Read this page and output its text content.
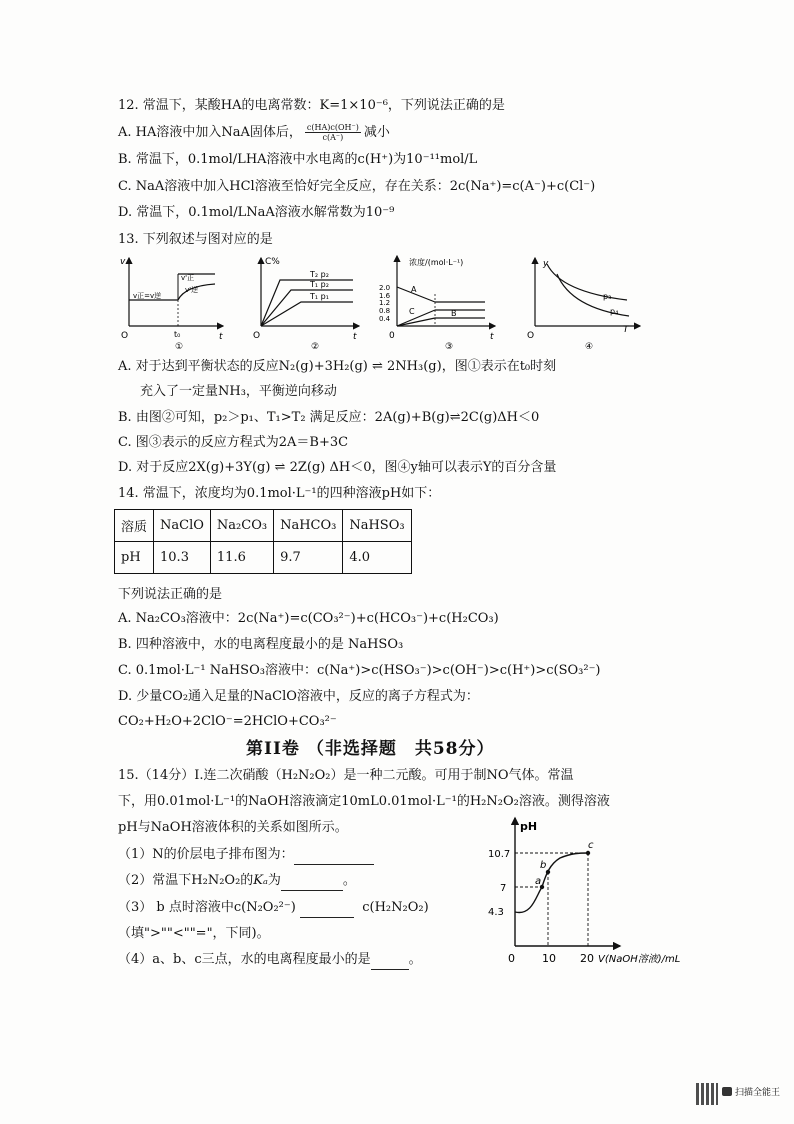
12. 常温下，某酸HA的电离常数：K=1×10⁻⁶，下列说法正确的是
A. HA溶液中加入NaA固体后， $\frac{c(HA)c(OH^-)}{c(A^-)}$ 减小
B. 常温下，0.1mol/LHA溶液中水电离的c(H⁺)为10⁻¹¹mol/L
C. NaA溶液中加入HCl溶液至恰好完全反应，存在关系：2c(Na⁺)=c(A⁻)+c(Cl⁻)
D. 常温下，0.1mol/LNaA溶液水解常数为10⁻⁹
13. 下列叙述与图对应的是
v
t
O
v'正
v'逆
v正=v逆
t₀
①
C%
t
O
T₂ p₂
T₁ p₂
T₁ p₁
②
浓度/(mol·L⁻¹)
t
0
2.0
1.6
1.2
0.8
0.4
A
C	B
③
y
T
O
p₃
p₄
④
A. 对于达到平衡状态的反应N₂(g)+3H₂(g) ⇌ 2NH₃(g)，图①表示在t₀时刻
充入了一定量NH₃，平衡逆向移动
B. 由图②可知，p₂＞p₁、T₁>T₂ 满足反应：2A(g)+B(g)⇌2C(g)ΔH＜0
C. 图③表示的反应方程式为2A＝B+3C
D. 对于反应2X(g)+3Y(g) ⇌ 2Z(g) ΔH＜0，图④y轴可以表示Y的百分含量
14. 常温下，浓度均为0.1mol·L⁻¹的四种溶液pH如下：
溶质	NaClO	Na₂CO₃	NaHCO₃	NaHSO₃
pH	10.3	11.6	9.7	4.0
下列说法正确的是
A. Na₂CO₃溶液中：2c(Na⁺)=c(CO₃²⁻)+c(HCO₃⁻)+c(H₂CO₃)
B. 四种溶液中，水的电离程度最小的是 NaHSO₃
C. 0.1mol·L⁻¹ NaHSO₃溶液中：c(Na⁺)>c(HSO₃⁻)>c(OH⁻)>c(H⁺)>c(SO₃²⁻)
D. 少量CO₂通入足量的NaClO溶液中，反应的离子方程式为：
CO₂+H₂O+2ClO⁻=2HClO+CO₃²⁻
第II卷 （非选择题　共58分）
15.（14分）Ⅰ.连二次硝酸（H₂N₂O₂）是一种二元酸。可用于制NO气体。常温
下，用0.01mol·L⁻¹的NaOH溶液滴定10mL0.01mol·L⁻¹的H₂N₂O₂溶液。测得溶液
pH与NaOH溶液体积的关系如图所示。
（1）N的价层电子排布图为：
（2）常温下H₂N₂O₂的Kₐ为	。
（3） b 点时溶液中c(N₂O₂²⁻)	c(H₂N₂O₂)
（填">""<""="，下同)。
（4）a、b、c三点，水的电离程度最小的是	。
pH
0
10.7
7
4.3
10 20 V(NaOH溶液)/mL
a
b
c
扫描全能王
